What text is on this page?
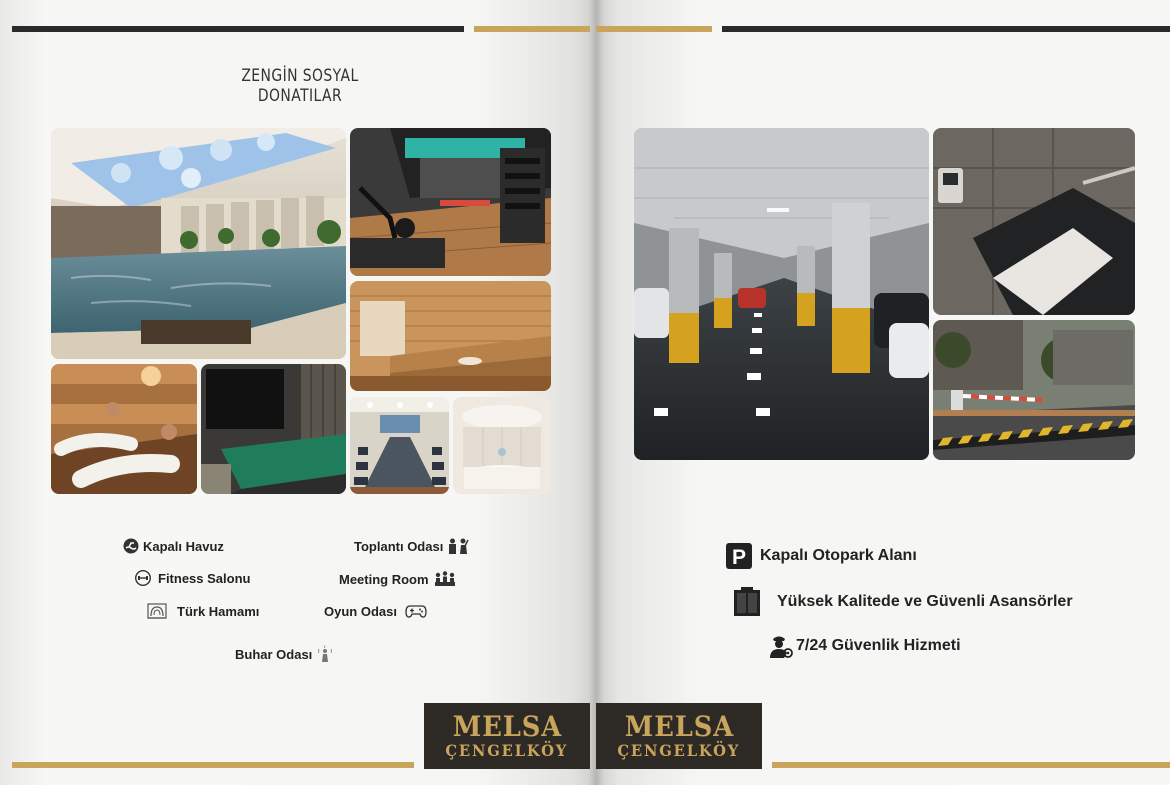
ZENGİN SOSYAL DONATILAR
Kapalı Havuz
Fitness Salonu
Türk Hamamı
Toplantı Odası
Meeting Room
Oyun Odası
Buhar Odası
P Kapalı Otopark Alanı
Yüksek Kalitede ve Güvenli Asansörler
7/24 Güvenlik Hizmeti
MELSA
ÇENGELKÖY
MELSA
ÇENGELKÖY
